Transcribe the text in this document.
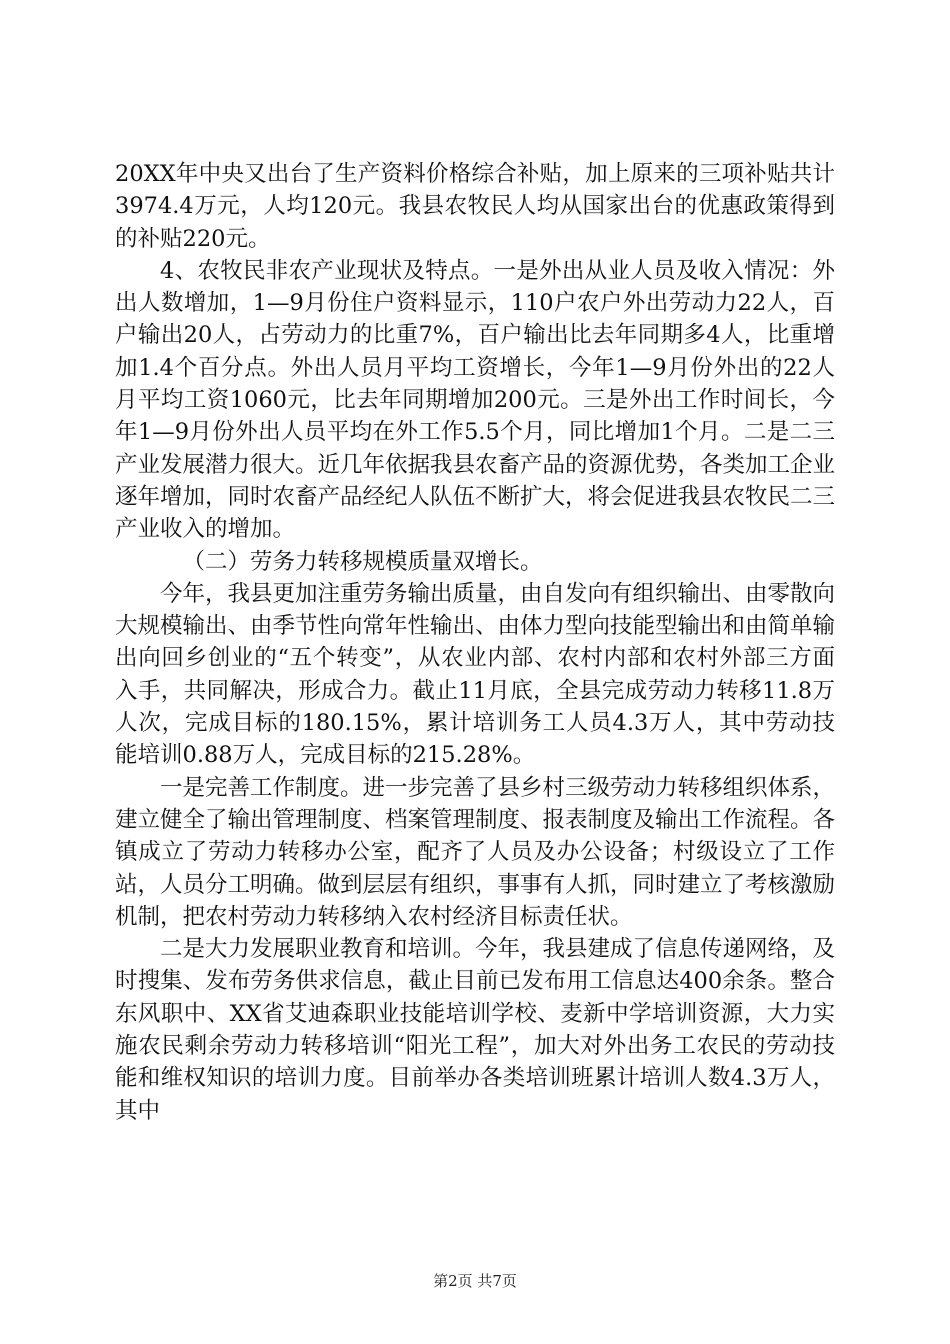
20XX年中央又出台了生产资料价格综合补贴，加上原来的三项补贴共计3974.4万元，人均120元。我县农牧民人均从国家出台的优惠政策得到的补贴220元。

4、农牧民非农产业现状及特点。一是外出从业人员及收入情况：外出人数增加，1—9月份住户资料显示，110户农户外出劳动力22人，百户输出20人，占劳动力的比重7%，百户输出比去年同期多4人，比重增加1.4个百分点。外出人员月平均工资增长，今年1—9月份外出的22人月平均工资1060元，比去年同期增加200元。三是外出工作时间长，今年1—9月份外出人员平均在外工作5.5个月，同比增加1个月。二是二三产业发展潜力很大。近几年依据我县农畜产品的资源优势，各类加工企业逐年增加，同时农畜产品经纪人队伍不断扩大，将会促进我县农牧民二三产业收入的增加。

（二）劳务力转移规模质量双增长。

今年，我县更加注重劳务输出质量，由自发向有组织输出、由零散向大规模输出、由季节性向常年性输出、由体力型向技能型输出和由简单输出向回乡创业的“五个转变”，从农业内部、农村内部和农村外部三方面入手，共同解决，形成合力。截止11月底，全县完成劳动力转移11.8万人次，完成目标的180.15%，累计培训务工人员4.3万人，其中劳动技能培训0.88万人，完成目标的215.28%。

一是完善工作制度。进一步完善了县乡村三级劳动力转移组织体系，建立健全了输出管理制度、档案管理制度、报表制度及输出工作流程。各镇成立了劳动力转移办公室，配齐了人员及办公设备；村级设立了工作站，人员分工明确。做到层层有组织，事事有人抓，同时建立了考核激励机制，把农村劳动力转移纳入农村经济目标责任状。

二是大力发展职业教育和培训。今年，我县建成了信息传递网络，及时搜集、发布劳务供求信息，截止目前已发布用工信息达400余条。整合东风职中、XX省艾迪森职业技能培训学校、麦新中学培训资源，大力实施农民剩余劳动力转移培训“阳光工程”，加大对外出务工农民的劳动技能和维权知识的培训力度。目前举办各类培训班累计培训人数4.3万人，其中

第2页 共7页
